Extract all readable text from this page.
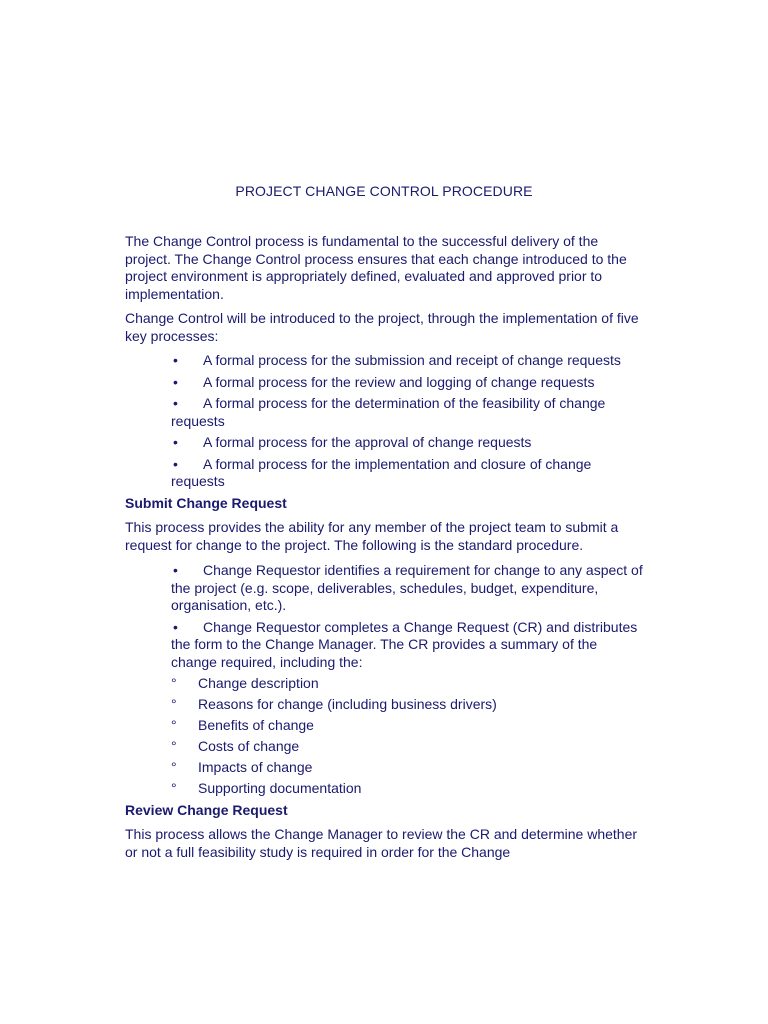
PROJECT CHANGE CONTROL PROCEDURE

The Change Control process is fundamental to the successful delivery of the project. The Change Control process ensures that each change introduced to the project environment is appropriately defined, evaluated and approved prior to implementation.

Change Control will be introduced to the project, through the implementation of five key processes:

• A formal process for the submission and receipt of change requests
• A formal process for the review and logging of change requests
• A formal process for the determination of the feasibility of change requests
• A formal process for the approval of change requests
• A formal process for the implementation and closure of change requests
Submit Change Request

This process provides the ability for any member of the project team to submit a request for change to the project. The following is the standard procedure.

• Change Requestor identifies a requirement for change to any aspect of the project (e.g. scope, deliverables, schedules, budget, expenditure, organisation, etc.).
• Change Requestor completes a Change Request (CR) and distributes the form to the Change Manager. The CR provides a summary of the change required, including the:
° Change description
° Reasons for change (including business drivers)
° Benefits of change
° Costs of change
° Impacts of change
° Supporting documentation
Review Change Request

This process allows the Change Manager to review the CR and determine whether or not a full feasibility study is required in order for the Change
